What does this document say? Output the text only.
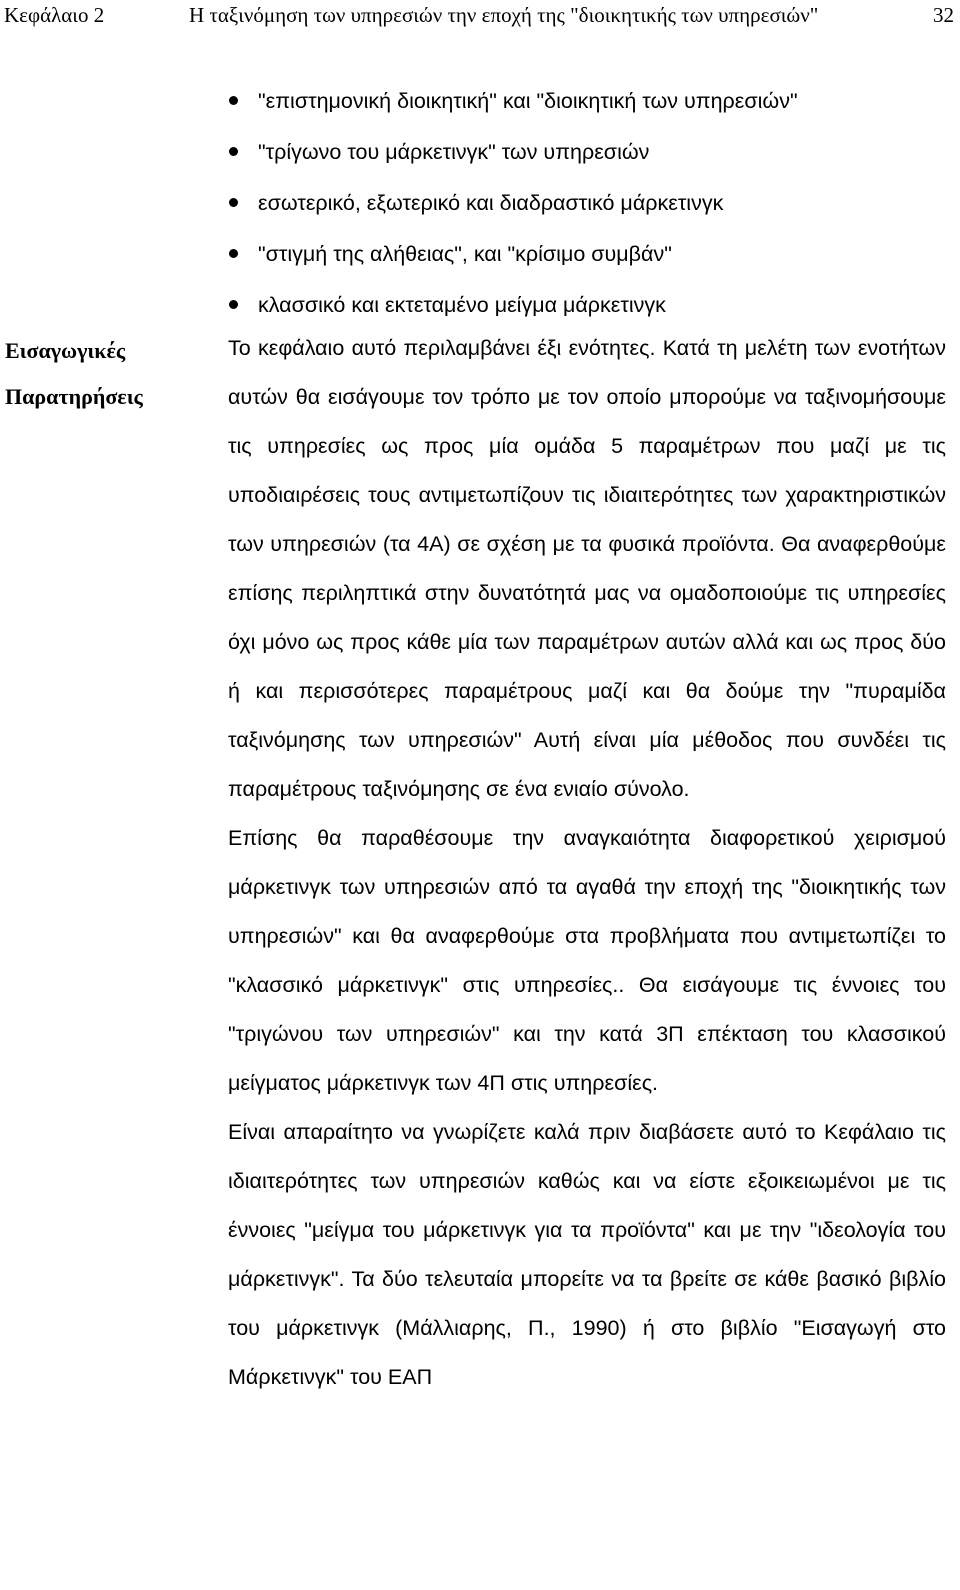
Κεφάλαιο 2	Η ταξινόμηση των υπηρεσιών την εποχή της "διοικητικής των υπηρεσιών"	32
"επιστημονική διοικητική" και "διοικητική των υπηρεσιών"
"τρίγωνο του μάρκετινγκ" των υπηρεσιών
εσωτερικό, εξωτερικό και διαδραστικό μάρκετινγκ
"στιγμή της αλήθειας", και "κρίσιμο συμβάν"
κλασσικό και εκτεταμένο μείγμα μάρκετινγκ
Εισαγωγικές
Παρατηρήσεις

Το κεφάλαιο αυτό περιλαμβάνει έξι ενότητες. Κατά τη μελέτη των ενοτήτων αυτών θα εισάγουμε τον τρόπο με τον οποίο μπορούμε να ταξινομήσουμε τις υπηρεσίες ως προς μία ομάδα 5 παραμέτρων που μαζί με τις υποδιαιρέσεις τους αντιμετωπίζουν τις ιδιαιτερότητες των χαρακτηριστικών των υπηρεσιών (τα 4Α) σε σχέση με τα φυσικά προϊόντα. Θα αναφερθούμε επίσης περιληπτικά στην δυνατότητά μας να ομαδοποιούμε τις υπηρεσίες όχι μόνο ως προς κάθε μία των παραμέτρων αυτών αλλά και ως προς δύο ή και περισσότερες παραμέτρους μαζί και θα δούμε την "πυραμίδα ταξινόμησης των υπηρεσιών" Αυτή είναι μία μέθοδος που συνδέει τις παραμέτρους ταξινόμησης σε ένα ενιαίο σύνολο.

Επίσης θα παραθέσουμε την αναγκαιότητα διαφορετικού χειρισμού μάρκετινγκ των υπηρεσιών από τα αγαθά την εποχή της "διοικητικής των υπηρεσιών" και θα αναφερθούμε στα προβλήματα που αντιμετωπίζει το "κλασσικό μάρκετινγκ" στις υπηρεσίες.. Θα εισάγουμε τις έννοιες του "τριγώνου των υπηρεσιών" και την κατά 3Π επέκταση του κλασσικού μείγματος μάρκετινγκ των 4Π στις υπηρεσίες.

Είναι απαραίτητο να γνωρίζετε καλά πριν διαβάσετε αυτό το Κεφάλαιο τις ιδιαιτερότητες των υπηρεσιών καθώς και να είστε εξοικειωμένοι με τις έννοιες "μείγμα του μάρκετινγκ για τα προϊόντα" και με την "ιδεολογία του μάρκετινγκ". Τα δύο τελευταία μπορείτε να τα βρείτε σε κάθε βασικό βιβλίο του μάρκετινγκ (Μάλλιαρης, Π., 1990) ή στο βιβλίο "Εισαγωγή στο Μάρκετινγκ" του ΕΑΠ
